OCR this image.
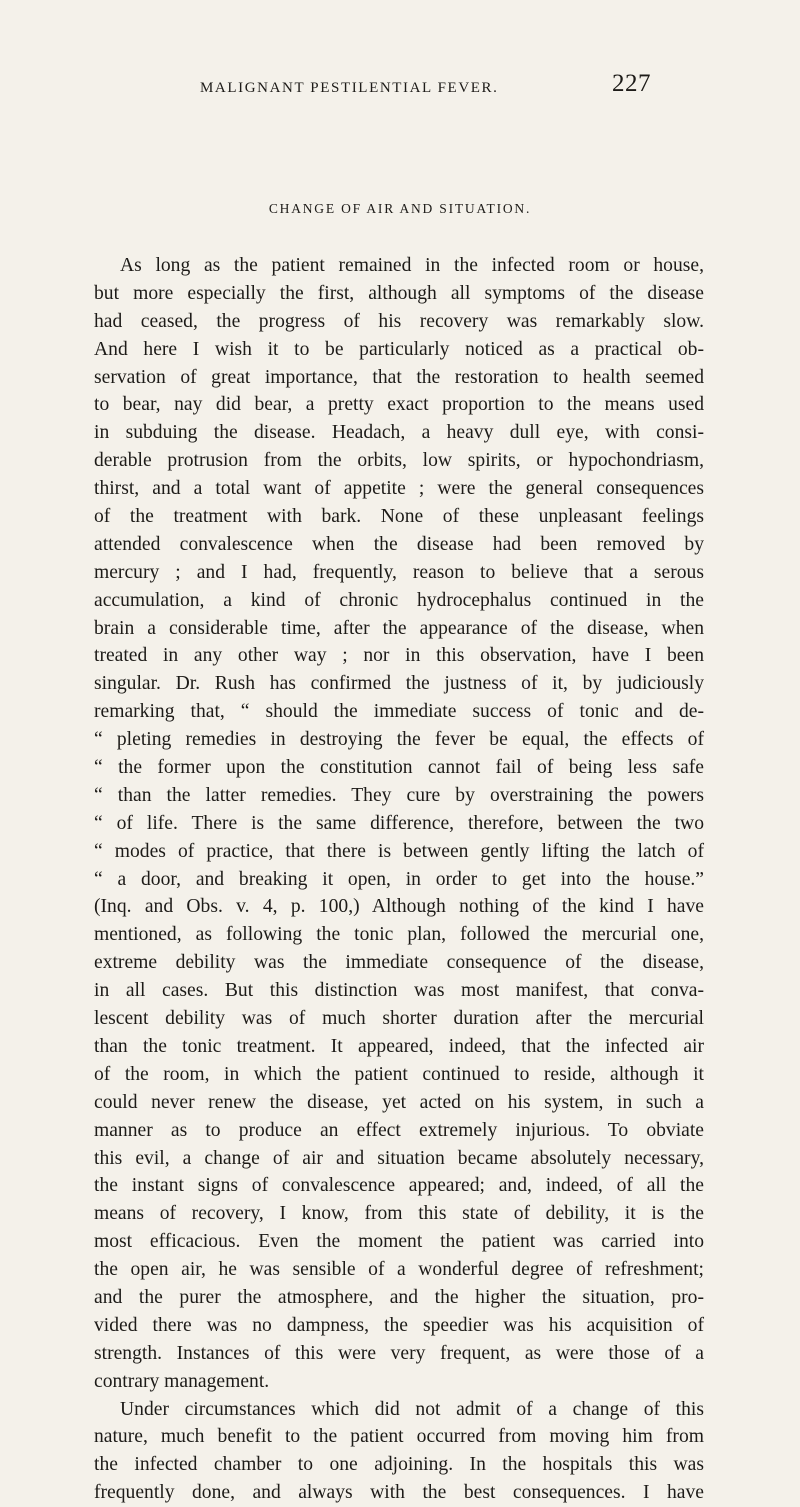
MALIGNANT PESTILENTIAL FEVER.	227
CHANGE OF AIR AND SITUATION.
As long as the patient remained in the infected room or house,
but more especially the first, although all symptoms of the disease
had ceased, the progress of his recovery was remarkably slow.
And here I wish it to be particularly noticed as a practical ob-
servation of great importance, that the restoration to health seemed
to bear, nay did bear, a pretty exact proportion to the means used
in subduing the disease. Headach, a heavy dull eye, with consi-
derable protrusion from the orbits, low spirits, or hypochondriasm,
thirst, and a total want of appetite ; were the general consequences
of the treatment with bark. None of these unpleasant feelings
attended convalescence when the disease had been removed by
mercury ; and I had, frequently, reason to believe that a serous
accumulation, a kind of chronic hydrocephalus continued in the
brain a considerable time, after the appearance of the disease, when
treated in any other way ; nor in this observation, have I been
singular. Dr. Rush has confirmed the justness of it, by judiciously
remarking that, “ should the immediate success of tonic and de-
“ pleting remedies in destroying the fever be equal, the effects of
“ the former upon the constitution cannot fail of being less safe
“ than the latter remedies. They cure by overstraining the powers
“ of life. There is the same difference, therefore, between the two
“ modes of practice, that there is between gently lifting the latch of
“ a door, and breaking it open, in order to get into the house.”
(Inq. and Obs. v. 4, p. 100,) Although nothing of the kind I have
mentioned, as following the tonic plan, followed the mercurial one,
extreme debility was the immediate consequence of the disease,
in all cases. But this distinction was most manifest, that conva-
lescent debility was of much shorter duration after the mercurial
than the tonic treatment. It appeared, indeed, that the infected air
of the room, in which the patient continued to reside, although it
could never renew the disease, yet acted on his system, in such a
manner as to produce an effect extremely injurious. To obviate
this evil, a change of air and situation became absolutely necessary,
the instant signs of convalescence appeared; and, indeed, of all the
means of recovery, I know, from this state of debility, it is the
most efficacious. Even the moment the patient was carried into
the open air, he was sensible of a wonderful degree of refreshment;
and the purer the atmosphere, and the higher the situation, pro-
vided there was no dampness, the speedier was his acquisition of
strength. Instances of this were very frequent, as were those of a
contrary management.
Under circumstances which did not admit of a change of this
nature, much benefit to the patient occurred from moving him from
the infected chamber to one adjoining. In the hospitals this was
frequently done, and always with the best consequences. I have
